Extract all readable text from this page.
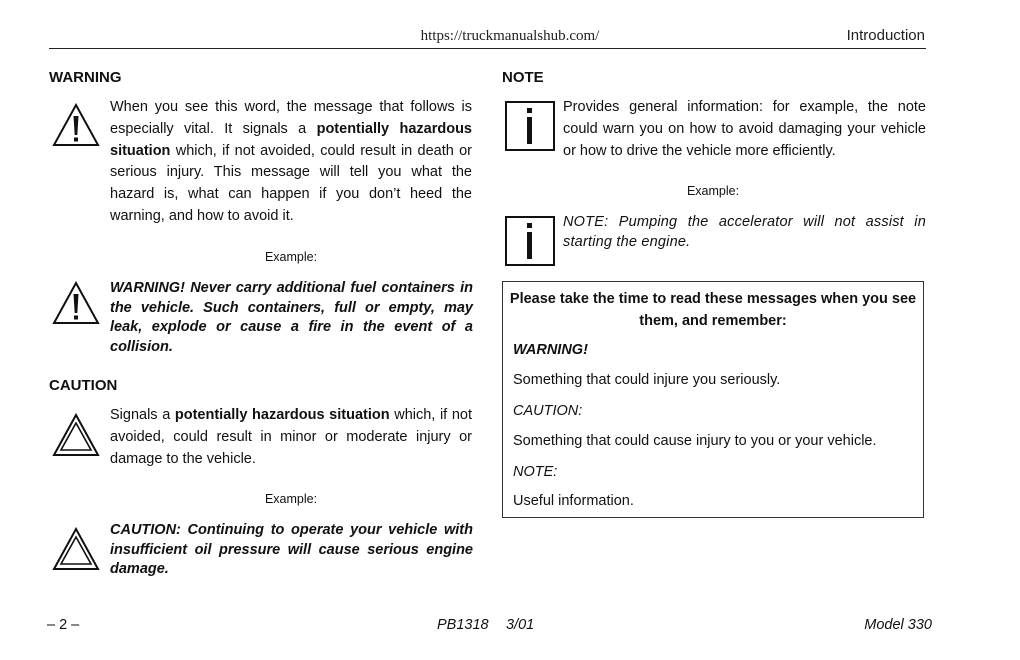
https://truckmanualshub.com/	Introduction
WARNING
When you see this word, the message that follows is especially vital. It signals a potentially hazardous situation which, if not avoided, could result in death or serious injury. This message will tell you what the hazard is, what can happen if you don’t heed the warning, and how to avoid it.
Example:
WARNING! Never carry additional fuel containers in the vehicle. Such containers, full or empty, may leak, explode or cause a fire in the event of a collision.
CAUTION
Signals a potentially hazardous situation which, if not avoided, could result in minor or moderate injury or damage to the vehicle.
Example:
CAUTION: Continuing to operate your vehicle with insufficient oil pressure will cause serious engine damage.
NOTE
Provides general information: for example, the note could warn you on how to avoid damaging your vehicle or how to drive the vehicle more efficiently.
Example:
NOTE: Pumping the accelerator will not assist in starting the engine.
Please take the time to read these messages when you see them, and remember:
WARNING!
Something that could injure you seriously.
CAUTION:
Something that could cause injury to you or your vehicle.
NOTE:
Useful information.
– 2 –	PB1318 3/01	Model 330
